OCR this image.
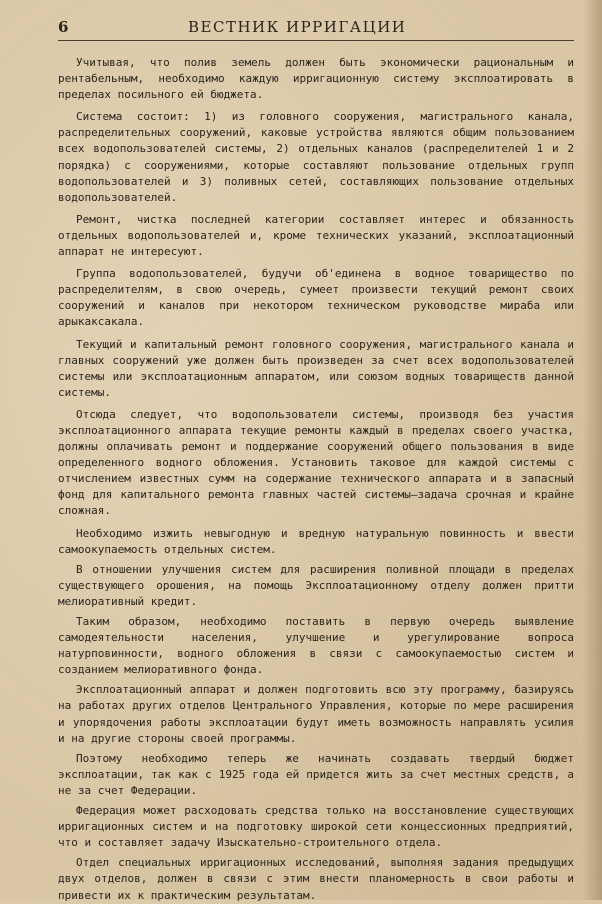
6	ВЕСТНИК ИРРИГАЦИИ

Учитывая, что полив земель должен быть экономически рациональным и рентабельным, необходимо каждую ирригационную систему эксплоатировать в пределах посильного ей бюджета.

Система состоит: 1) из головного сооружения, магистрального канала, распределительных сооружений, каковые устройства являются общим пользованием всех водопользователей системы, 2) отдельных каналов (распределителей 1 и 2 порядка) с сооружениями, которые составляют пользование отдельных групп водопользователей и 3) поливных сетей, составляющих пользование отдельных водопользователей.

Ремонт, чистка последней категории составляет интерес и обязанность отдельных водопользователей и, кроме технических указаний, эксплоатационный аппарат не интересуют.

Группа водопользователей, будучи об'единена в водное товарищество по распределителям, в свою очередь, сумеет произвести текущий ремонт своих сооружений и каналов при некотором техническом руководстве мираба или арыкаксакала.

Текущий и капитальный ремонт головного сооружения, магистрального канала и главных сооружений уже должен быть произведен за счет всех водопользователей системы или эксплоатационным аппаратом, или союзом водных товариществ данной системы.

Отсюда следует, что водопользователи системы, производя без участия эксплоатационного аппарата текущие ремонты каждый в пределах своего участка, должны оплачивать ремонт и поддержание сооружений общего пользования в виде определенного водного обложения. Установить таковое для каждой системы с отчислением известных сумм на содержание технического аппарата и в запасный фонд для капитального ремонта главных частей системы—задача срочная и крайне сложная.

Необходимо изжить невыгодную и вредную натуральную повинность и ввести самоокупаемость отдельных систем.

В отношении улучшения систем для расширения поливной площади в пределах существующего орошения, на помощь Эксплоатационному отделу должен притти мелиоративный кредит.

Таким образом, необходимо поставить в первую очередь выявление самодеятельности населения, улучшение и урегулирование вопроса натурповинности, водного обложения в связи с самоокупаемостью систем и созданием мелиоративного фонда.

Эксплоатационный аппарат и должен подготовить всю эту программу, базируясь на работах других отделов Центрального Управления, которые по мере расширения и упорядочения работы эксплоатации будут иметь возможность направлять усилия и на другие стороны своей программы.

Поэтому необходимо теперь же начинать создавать твердый бюджет эксплоатации, так как с 1925 года ей придется жить за счет местных средств, а не за счет Федерации.

Федерация может расходовать средства только на восстановление существующих ирригационных систем и на подготовку широкой сети концессионных предприятий, что и составляет задачу Изыскательно-строительного отдела.

Отдел специальных ирригационных исследований, выполняя задания предыдущих двух отделов, должен в связи с этим внести планомерность в свои работы и привести их к практическим результатам.
